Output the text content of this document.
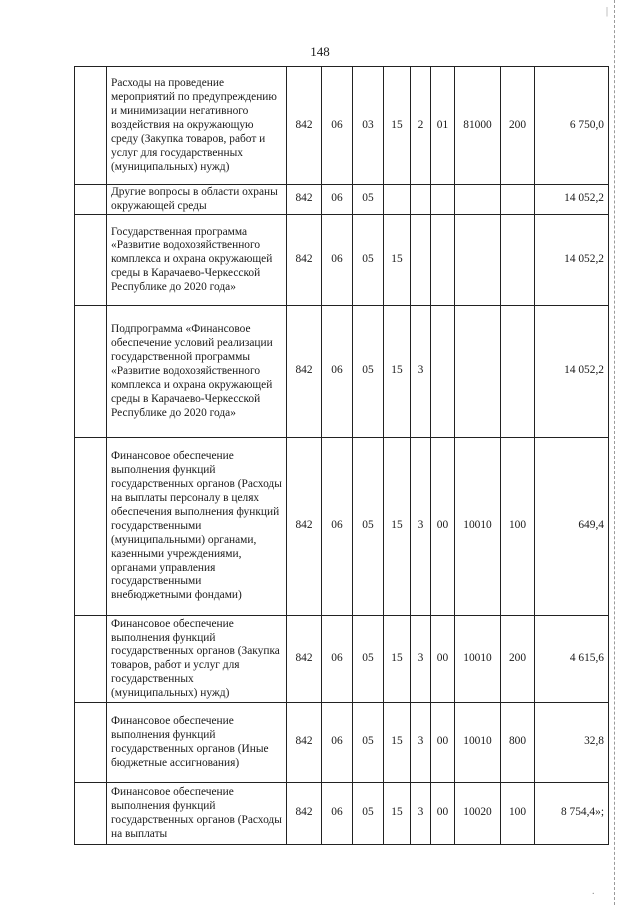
148
	Расходы на проведение мероприятий по предупреждению и минимизации негативного воздействия на окружающую среду (Закупка товаров, работ и услуг для государственных (муниципальных) нужд)	842	06	03	15	2	01	81000	200	6 750,0
	Другие вопросы в области охраны окружающей среды	842	06	05						14 052,2
	Государственная программа «Развитие водохозяйственного комплекса и охрана окружающей среды в Карачаево-Черкесской Республике до 2020 года»	842	06	05	15					14 052,2
	Подпрограмма «Финансовое обеспечение условий реализации государственной программы «Развитие водохозяйственного комплекса и охрана окружающей среды в Карачаево-Черкесской Республике до 2020 года»	842	06	05	15	3				14 052,2
	Финансовое обеспечение выполнения функций государственных органов (Расходы на выплаты персоналу в целях обеспечения выполнения функций государственными (муниципальными) органами, казенными учреждениями, органами управления государственными внебюджетными фондами)	842	06	05	15	3	00	10010	100	649,4
	Финансовое обеспечение выполнения функций государственных органов (Закупка товаров, работ и услуг для государственных (муниципальных) нужд)	842	06	05	15	3	00	10010	200	4 615,6
	Финансовое обеспечение выполнения функций государственных органов (Иные бюджетные ассигнования)	842	06	05	15	3	00	10010	800	32,8
	Финансовое обеспечение выполнения функций государственных органов (Расходы на выплаты	842	06	05	15	3	00	10020	100	8 754,4»;
|
.
